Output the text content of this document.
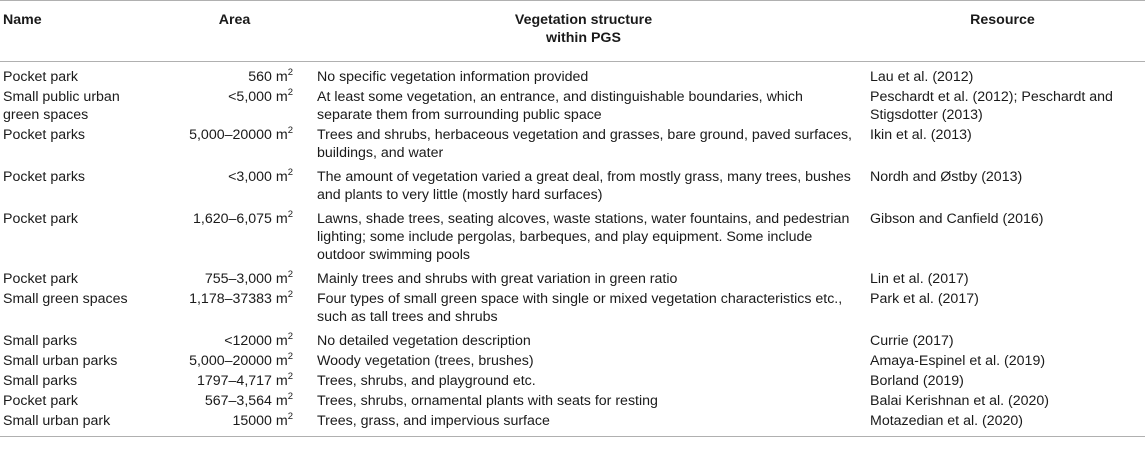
Name	Area	Vegetation structure within PGS	Resource
Pocket park	560 $m^2$	No specific vegetation information provided	Lau et al. (2012)
Small public urban green spaces	<5,000 $m^2$	At least some vegetation, an entrance, and distinguishable boundaries, which separate them from surrounding public space	Peschardt et al. (2012); Peschardt and Stigsdotter (2013)
Pocket parks	5,000–20000 $m^2$	Trees and shrubs, herbaceous vegetation and grasses, bare ground, paved surfaces, buildings, and water	Ikin et al. (2013)
Pocket parks	<3,000 $m^2$	The amount of vegetation varied a great deal, from mostly grass, many trees, bushes and plants to very little (mostly hard surfaces)	Nordh and Østby (2013)
Pocket park	1,620–6,075 $m^2$	Lawns, shade trees, seating alcoves, waste stations, water fountains, and pedestrian lighting; some include pergolas, barbeques, and play equipment. Some include outdoor swimming pools	Gibson and Canfield (2016)
Pocket park	755–3,000 $m^2$	Mainly trees and shrubs with great variation in green ratio	Lin et al. (2017)
Small green spaces	1,178–37383 $m^2$	Four types of small green space with single or mixed vegetation characteristics etc., such as tall trees and shrubs	Park et al. (2017)
Small parks	<12000 $m^2$	No detailed vegetation description	Currie (2017)
Small urban parks	5,000–20000 $m^2$	Woody vegetation (trees, brushes)	Amaya-Espinel et al. (2019)
Small parks	1797–4,717 $m^2$	Trees, shrubs, and playground etc.	Borland (2019)
Pocket park	567–3,564 $m^2$	Trees, shrubs, ornamental plants with seats for resting	Balai Kerishnan et al. (2020)
Small urban park	15000 $m^2$	Trees, grass, and impervious surface	Motazedian et al. (2020)
